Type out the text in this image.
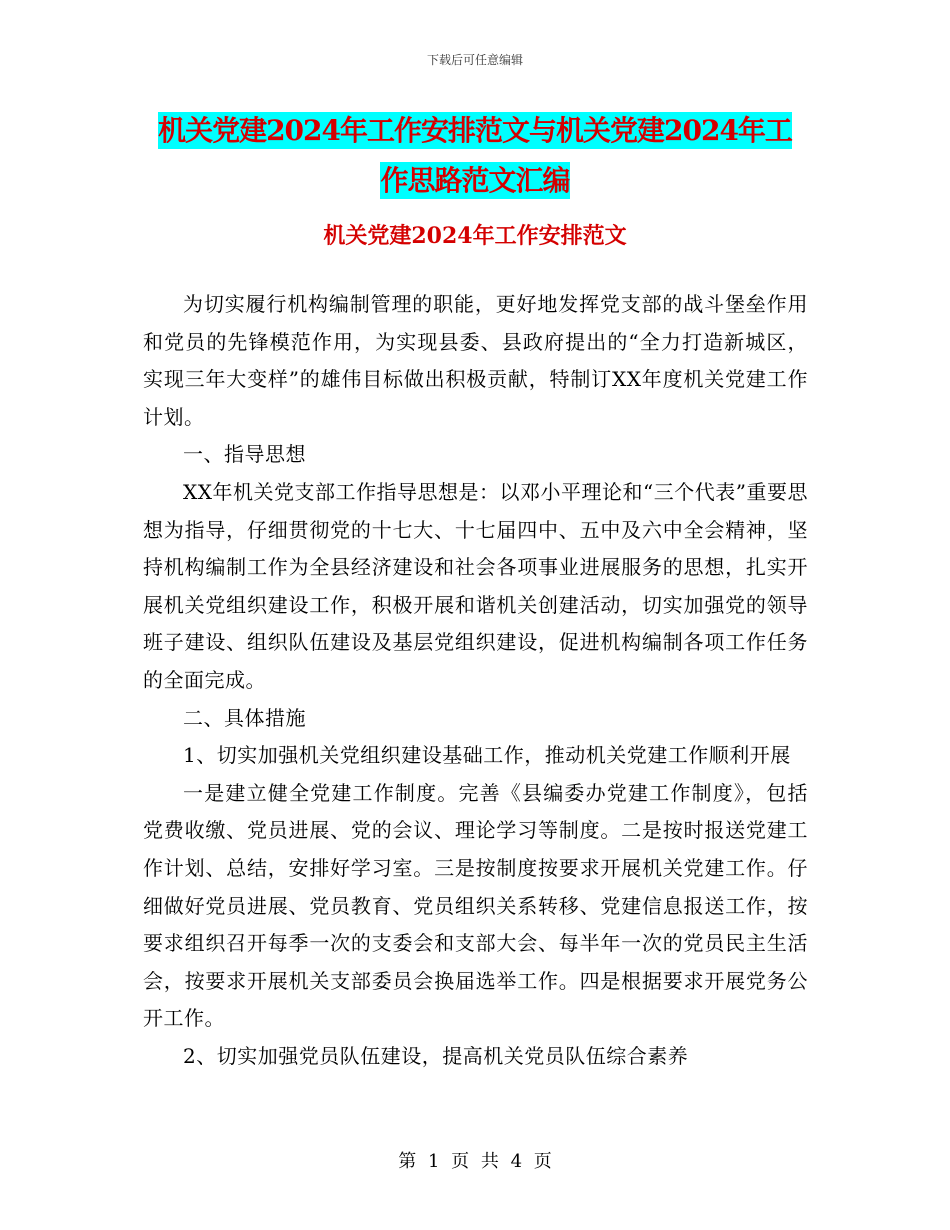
下载后可任意编辑
机关党建2024年工作安排范文与机关党建2024年工
作思路范文汇编
机关党建2024年工作安排范文

为切实履行机构编制管理的职能，更好地发挥党支部的战斗堡垒作用和党员的先锋模范作用，为实现县委、县政府提出的“全力打造新城区，实现三年大变样”的雄伟目标做出积极贡献，特制订XX年度机关党建工作计划。

一、指导思想

XX年机关党支部工作指导思想是：以邓小平理论和“三个代表”重要思想为指导，仔细贯彻党的十七大、十七届四中、五中及六中全会精神，坚持机构编制工作为全县经济建设和社会各项事业进展服务的思想，扎实开展机关党组织建设工作，积极开展和谐机关创建活动，切实加强党的领导班子建设、组织队伍建设及基层党组织建设，促进机构编制各项工作任务的全面完成。

二、具体措施

1、切实加强机关党组织建设基础工作，推动机关党建工作顺利开展

一是建立健全党建工作制度。完善《县编委办党建工作制度》，包括党费收缴、党员进展、党的会议、理论学习等制度。二是按时报送党建工作计划、总结，安排好学习室。三是按制度按要求开展机关党建工作。仔细做好党员进展、党员教育、党员组织关系转移、党建信息报送工作，按要求组织召开每季一次的支委会和支部大会、每半年一次的党员民主生活会，按要求开展机关支部委员会换届选举工作。四是根据要求开展党务公开工作。

2、切实加强党员队伍建设，提高机关党员队伍综合素养

第 1 页 共 4 页
